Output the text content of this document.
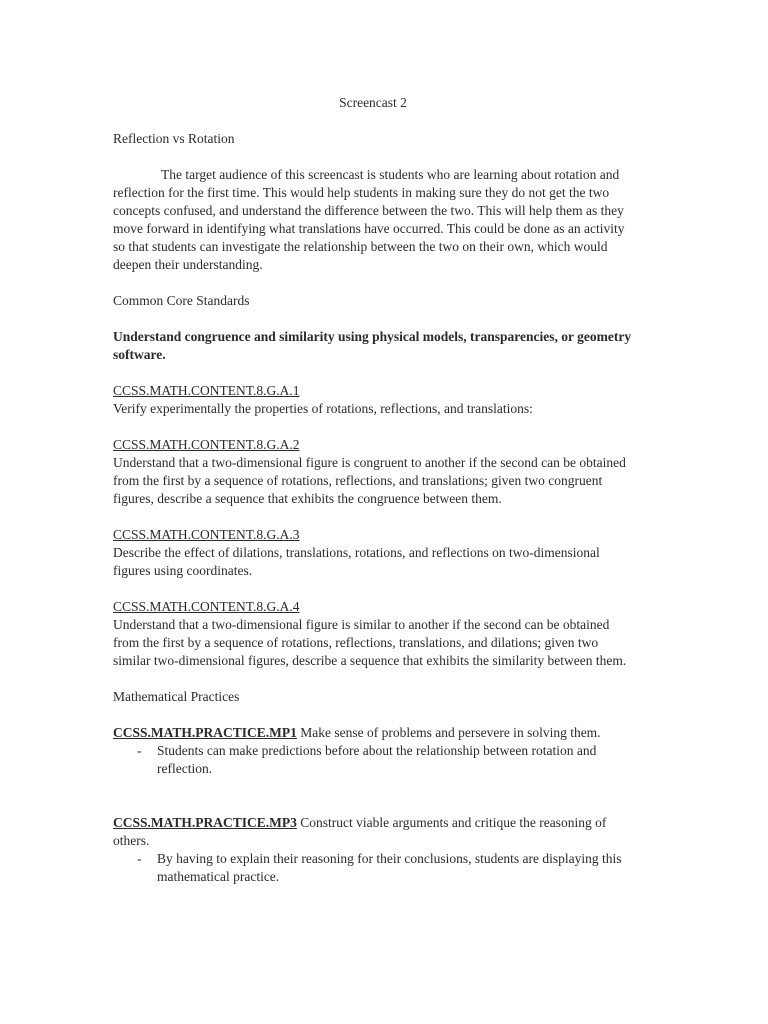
Screencast 2

Reflection vs Rotation

The target audience of this screencast is students who are learning about rotation and reflection for the first time. This would help students in making sure they do not get the two concepts confused, and understand the difference between the two. This will help them as they move forward in identifying what translations have occurred. This could be done as an activity so that students can investigate the relationship between the two on their own, which would deepen their understanding.

Common Core Standards

Understand congruence and similarity using physical models, transparencies, or geometry software.

CCSS.MATH.CONTENT.8.G.A.1
Verify experimentally the properties of rotations, reflections, and translations:
CCSS.MATH.CONTENT.8.G.A.2
Understand that a two-dimensional figure is congruent to another if the second can be obtained from the first by a sequence of rotations, reflections, and translations; given two congruent figures, describe a sequence that exhibits the congruence between them.
CCSS.MATH.CONTENT.8.G.A.3
Describe the effect of dilations, translations, rotations, and reflections on two-dimensional figures using coordinates.
CCSS.MATH.CONTENT.8.G.A.4
Understand that a two-dimensional figure is similar to another if the second can be obtained from the first by a sequence of rotations, reflections, translations, and dilations; given two similar two-dimensional figures, describe a sequence that exhibits the similarity between them.

Mathematical Practices

CCSS.MATH.PRACTICE.MP1 Make sense of problems and persevere in solving them.

-	Students can make predictions before about the relationship between rotation and reflection.

CCSS.MATH.PRACTICE.MP3 Construct viable arguments and critique the reasoning of others.

-	By having to explain their reasoning for their conclusions, students are displaying this mathematical practice.
